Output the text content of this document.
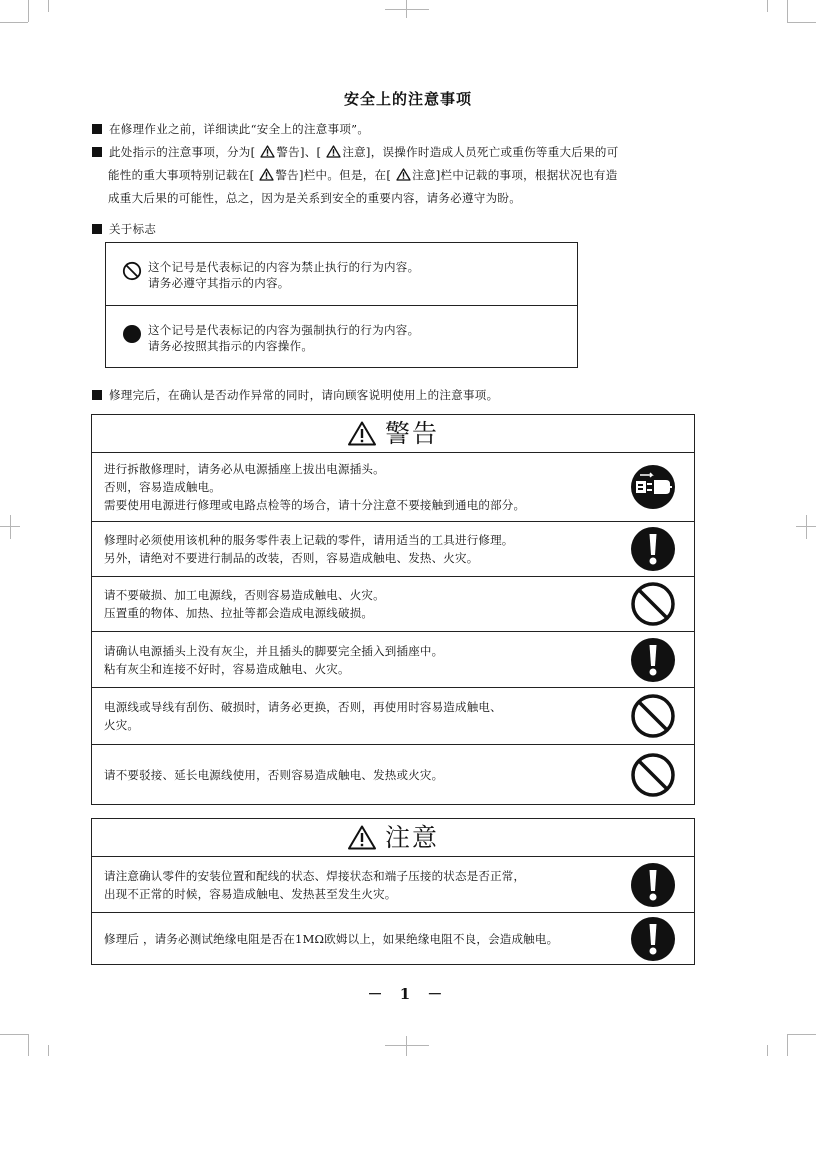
安全上的注意事项
在修理作业之前，详细读此“安全上的注意事项”。
此处指示的注意事项，分为[ 警告]、[ 注意]，误操作时造成人员死亡或重伤等重大后果的可
能性的重大事项特别记载在[ 警告]栏中。但是，在[ 注意]栏中记载的事项，根据状况也有造
成重大后果的可能性，总之，因为是关系到安全的重要内容，请务必遵守为盼。
关于标志
这个记号是代表标记的内容为禁止执行的行为内容。
请务必遵守其指示的内容。
这个记号是代表标记的内容为强制执行的行为内容。
请务必按照其指示的内容操作。
修理完后，在确认是否动作异常的同时，请向顾客说明使用上的注意事项。
警告
进行拆散修理时，请务必从电源插座上拔出电源插头。
否则，容易造成触电。
需要使用电源进行修理或电路点检等的场合，请十分注意不要接触到通电的部分。
修理时必须使用该机种的服务零件表上记载的零件，请用适当的工具进行修理。
另外，请绝对不要进行制品的改装，否则，容易造成触电、发热、火灾。
请不要破损、加工电源线，否则容易造成触电、火灾。
压置重的物体、加热、拉扯等都会造成电源线破损。
请确认电源插头上没有灰尘，并且插头的脚要完全插入到插座中。
粘有灰尘和连接不好时，容易造成触电、火灾。
电源线或导线有刮伤、破损时，请务必更换，否则，再使用时容易造成触电、
火灾。
请不要驳接、延长电源线使用，否则容易造成触电、发热或火灾。
注意
请注意确认零件的安装位置和配线的状态、焊接状态和端子压接的状态是否正常，
出现不正常的时候，容易造成触电、发热甚至发生火灾。
修理后 ，请务必测试绝缘电阻是否在1MΩ欧姆以上，如果绝缘电阻不良，会造成触电。
－ 1 －
